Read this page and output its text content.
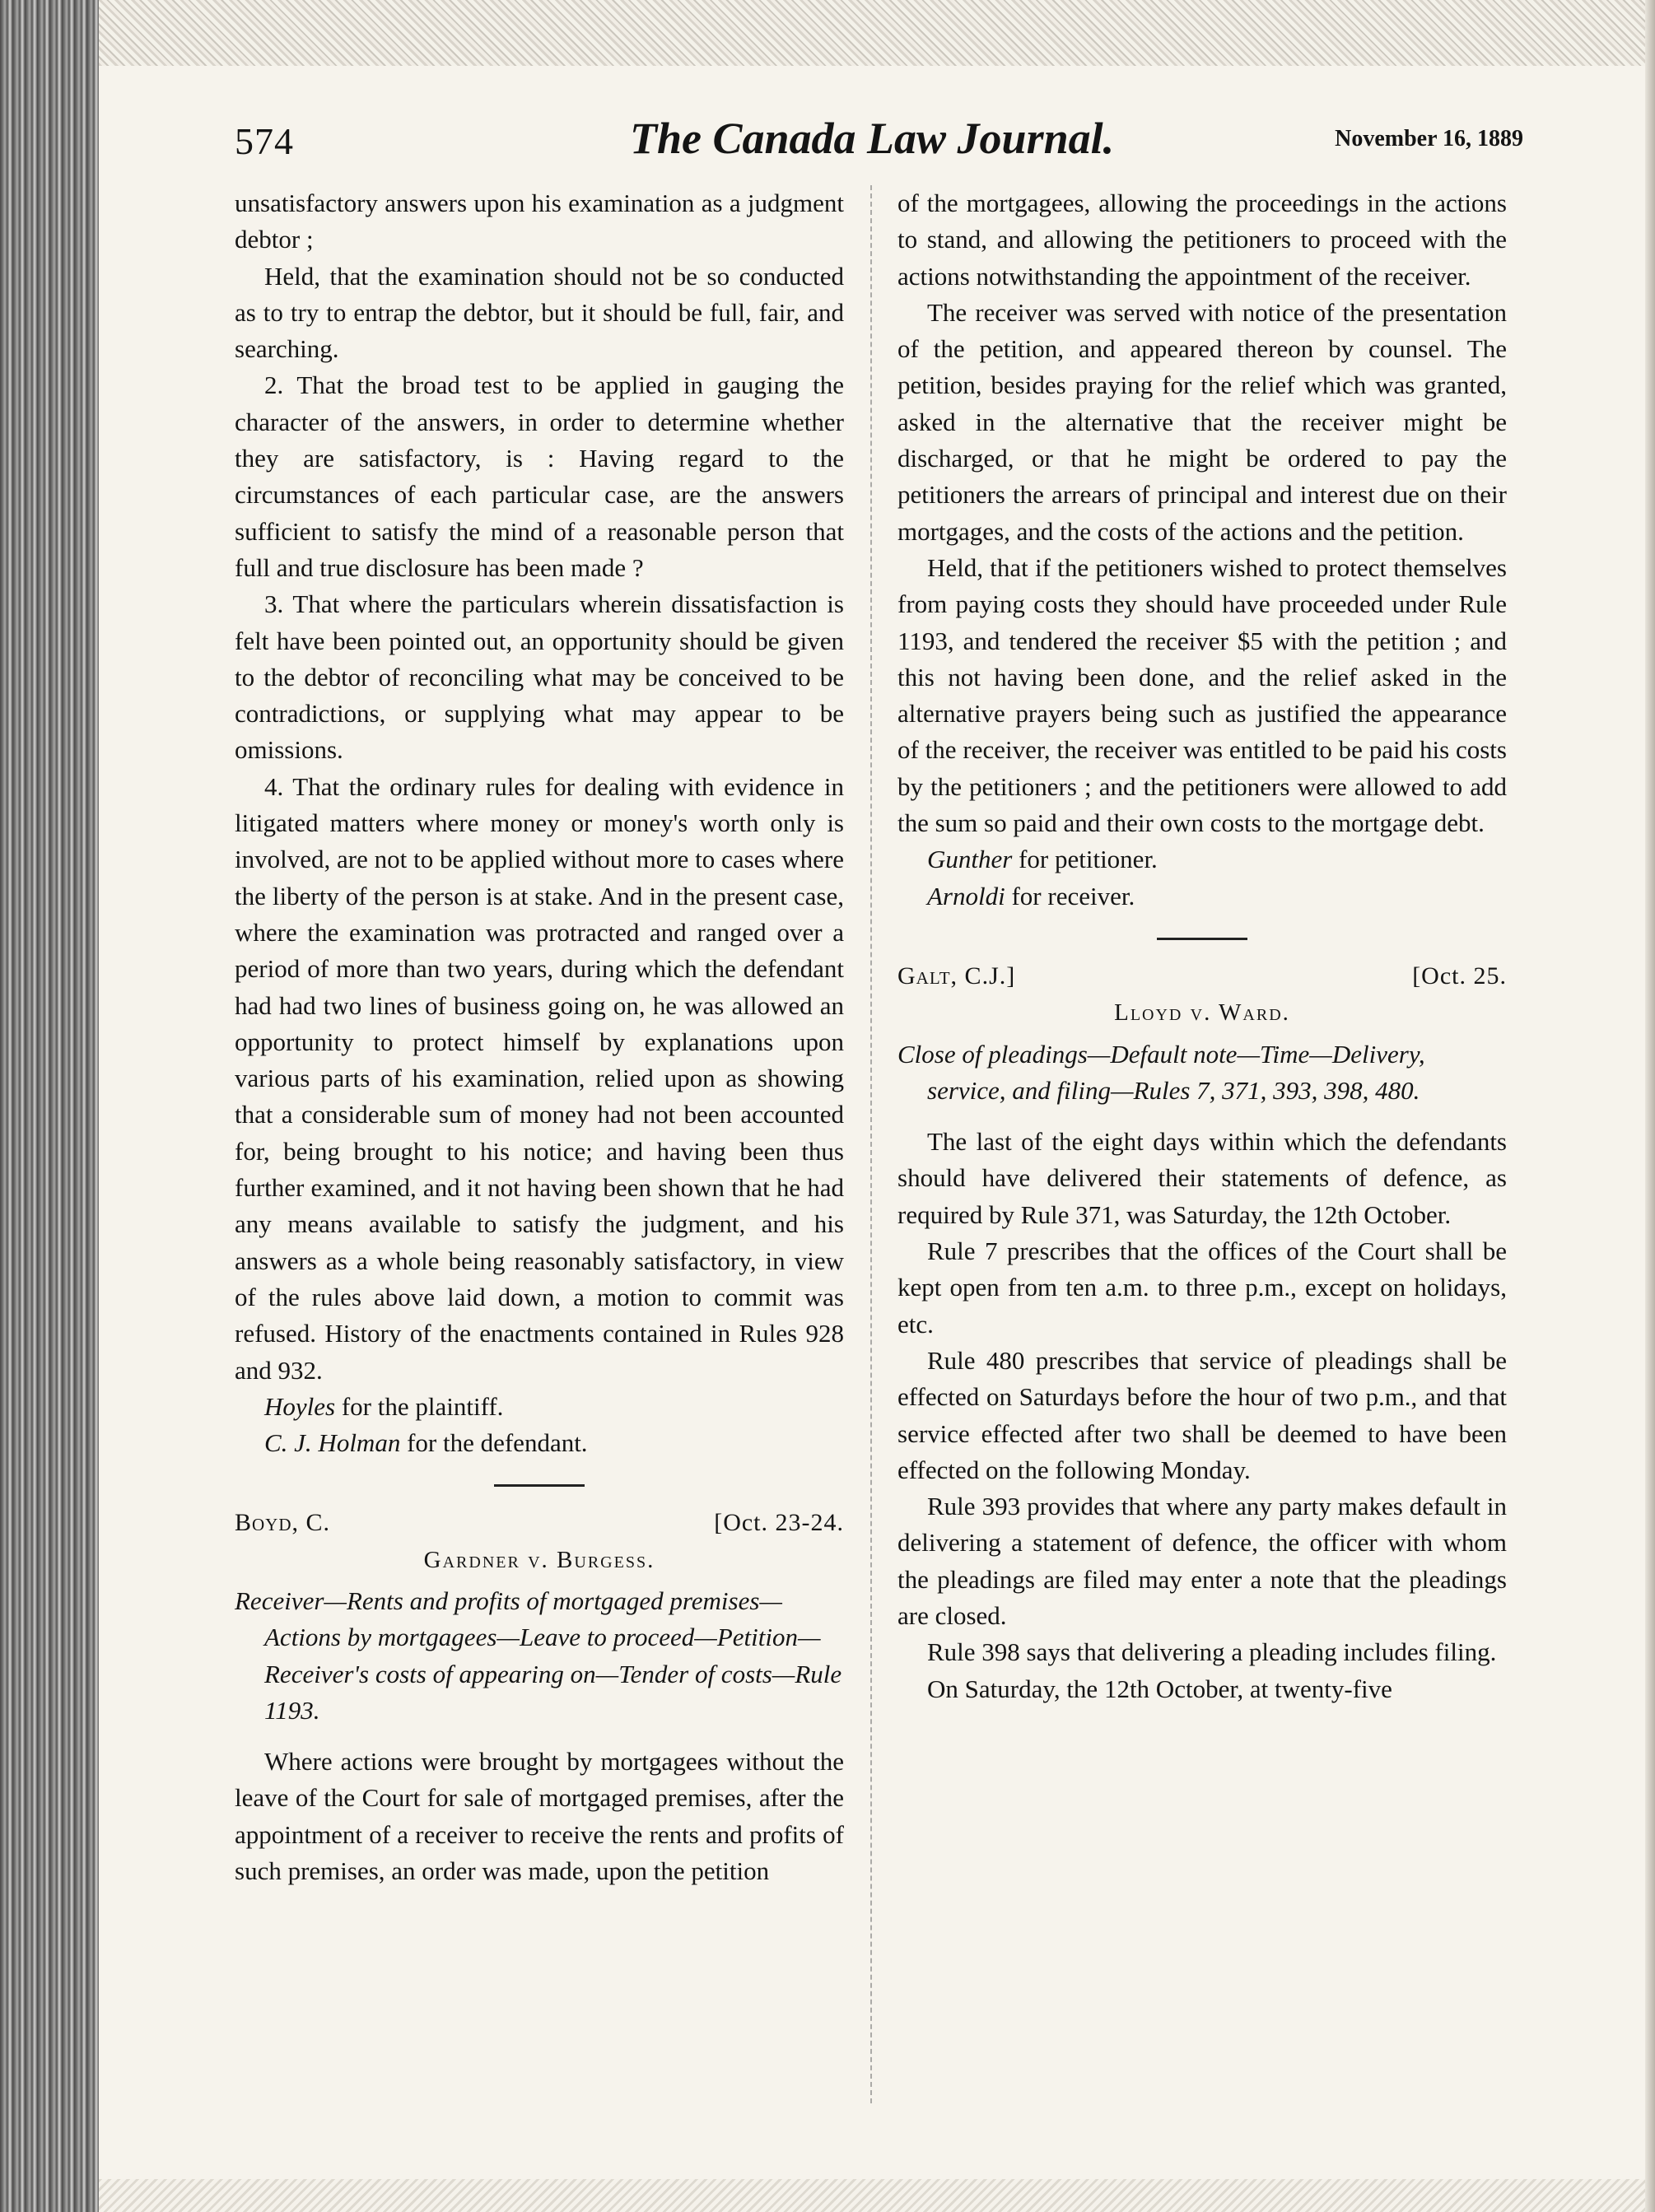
574	The Canada Law Journal.	November 16, 1889

unsatisfactory answers upon his examination as a judgment debtor ;

Held, that the examination should not be so conducted as to try to entrap the debtor, but it should be full, fair, and searching.

2. That the broad test to be applied in gauging the character of the answers, in order to determine whether they are satisfactory, is : Having regard to the circumstances of each particular case, are the answers sufficient to satisfy the mind of a reasonable person that full and true disclosure has been made ?

3. That where the particulars wherein dissatisfaction is felt have been pointed out, an opportunity should be given to the debtor of reconciling what may be conceived to be contradictions, or supplying what may appear to be omissions.

4. That the ordinary rules for dealing with evidence in litigated matters where money or money's worth only is involved, are not to be applied without more to cases where the liberty of the person is at stake. And in the present case, where the examination was protracted and ranged over a period of more than two years, during which the defendant had had two lines of business going on, he was allowed an opportunity to protect himself by explanations upon various parts of his examination, relied upon as showing that a considerable sum of money had not been accounted for, being brought to his notice; and having been thus further examined, and it not having been shown that he had any means available to satisfy the judgment, and his answers as a whole being reasonably satisfactory, in view of the rules above laid down, a motion to commit was refused. History of the enactments contained in Rules 928 and 932.

Hoyles for the plaintiff.

C. J. Holman for the defendant.

Boyd, C.	[Oct. 23-24.

Gardner v. Burgess.

Receiver—Rents and profits of mortgaged premises—Actions by mortgagees—Leave to proceed—Petition—Receiver's costs of appearing on—Tender of costs—Rule 1193.

Where actions were brought by mortgagees without the leave of the Court for sale of mortgaged premises, after the appointment of a receiver to receive the rents and profits of such premises, an order was made, upon the petition

of the mortgagees, allowing the proceedings in the actions to stand, and allowing the petitioners to proceed with the actions notwithstanding the appointment of the receiver.

The receiver was served with notice of the presentation of the petition, and appeared thereon by counsel. The petition, besides praying for the relief which was granted, asked in the alternative that the receiver might be discharged, or that he might be ordered to pay the petitioners the arrears of principal and interest due on their mortgages, and the costs of the actions and the petition.

Held, that if the petitioners wished to protect themselves from paying costs they should have proceeded under Rule 1193, and tendered the receiver $5 with the petition ; and this not having been done, and the relief asked in the alternative prayers being such as justified the appearance of the receiver, the receiver was entitled to be paid his costs by the petitioners ; and the petitioners were allowed to add the sum so paid and their own costs to the mortgage debt.

Gunther for petitioner.

Arnoldi for receiver.

Galt, C.J.]	[Oct. 25.

Lloyd v. Ward.

Close of pleadings—Default note—Time—Delivery, service, and filing—Rules 7, 371, 393, 398, 480.

The last of the eight days within which the defendants should have delivered their statements of defence, as required by Rule 371, was Saturday, the 12th October.

Rule 7 prescribes that the offices of the Court shall be kept open from ten a.m. to three p.m., except on holidays, etc.

Rule 480 prescribes that service of pleadings shall be effected on Saturdays before the hour of two p.m., and that service effected after two shall be deemed to have been effected on the following Monday.

Rule 393 provides that where any party makes default in delivering a statement of defence, the officer with whom the pleadings are filed may enter a note that the pleadings are closed.

Rule 398 says that delivering a pleading includes filing.

On Saturday, the 12th October, at twenty-five
